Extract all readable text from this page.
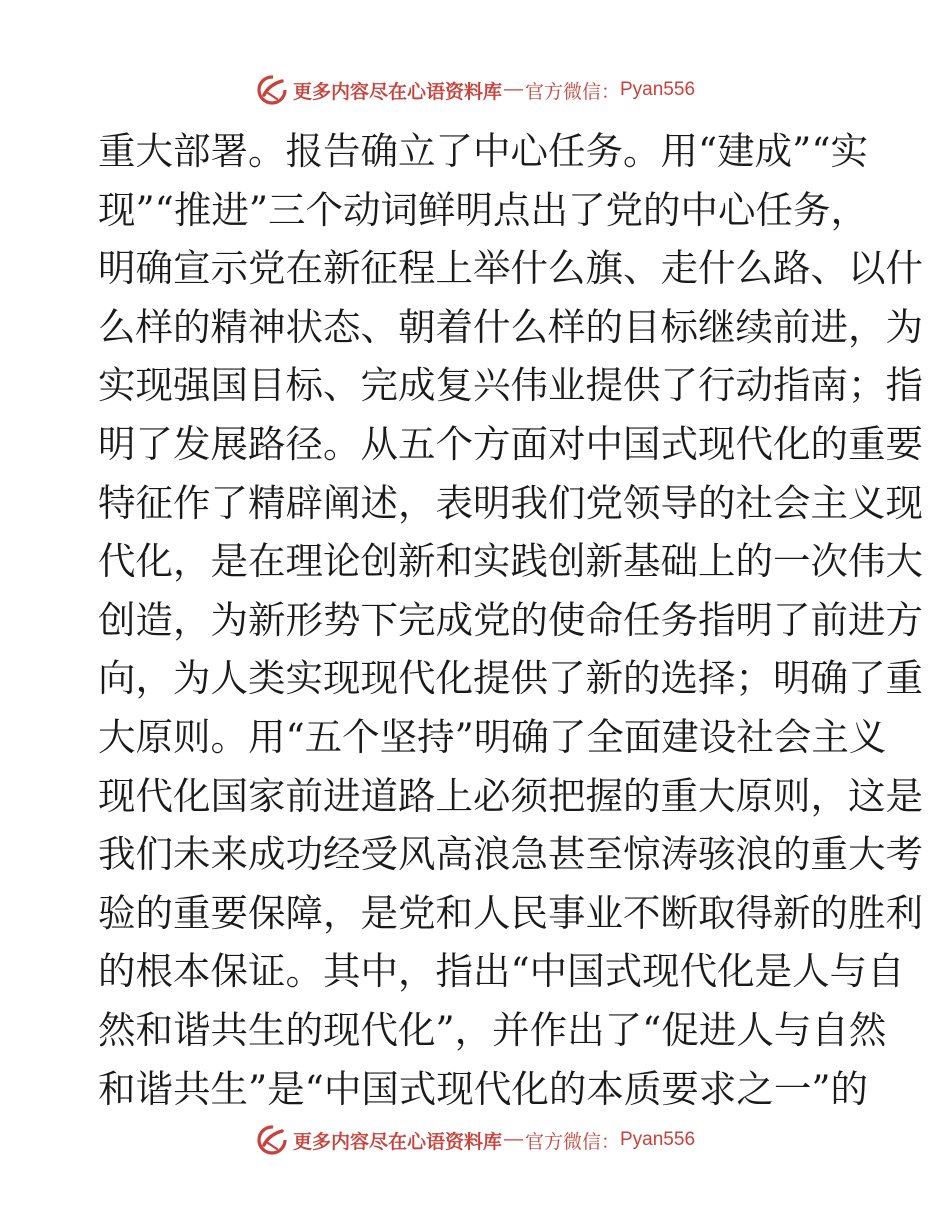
更多内容尽在心语资料库 — 官方微信： Pyan556
重大部署。报告确立了中心任务。用“建成”“实
现”“推进”三个动词鲜明点出了党的中心任务，
明确宣示党在新征程上举什么旗、走什么路、以什
么样的精神状态、朝着什么样的目标继续前进，为
实现强国目标、完成复兴伟业提供了行动指南；指
明了发展路径。从五个方面对中国式现代化的重要
特征作了精辟阐述，表明我们党领导的社会主义现
代化，是在理论创新和实践创新基础上的一次伟大
创造，为新形势下完成党的使命任务指明了前进方
向，为人类实现现代化提供了新的选择；明确了重
大原则。用“五个坚持”明确了全面建设社会主义
现代化国家前进道路上必须把握的重大原则，这是
我们未来成功经受风高浪急甚至惊涛骇浪的重大考
验的重要保障，是党和人民事业不断取得新的胜利
的根本保证。其中，指出“中国式现代化是人与自
然和谐共生的现代化”，并作出了“促进人与自然
和谐共生”是“中国式现代化的本质要求之一”的
更多内容尽在心语资料库 — 官方微信： Pyan556
